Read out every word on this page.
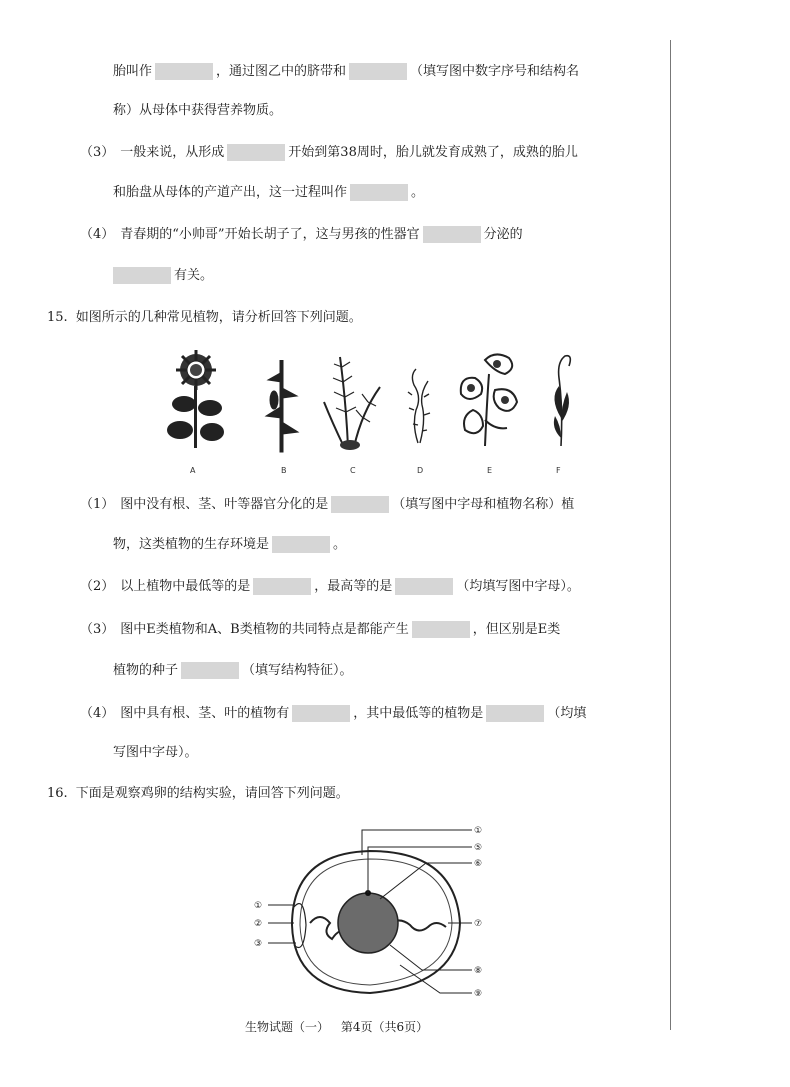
胎叫作	，通过图乙中的脐带和	（填写图中数字序号和结构名
称）从母体中获得营养物质。
（3） 一般来说，从形成	开始到第38周时，胎儿就发育成熟了，成熟的胎儿
和胎盘从母体的产道产出，这一过程叫作	。
（4） 青春期的“小帅哥”开始长胡子了，这与男孩的性器官	分泌的
有关。
15. 如图所示的几种常见植物，请分析回答下列问题。
A	B	C	D	E	F
（1） 图中没有根、茎、叶等器官分化的是	（填写图中字母和植物名称）植
物，这类植物的生存环境是	。
（2） 以上植物中最低等的是	，最高等的是	（均填写图中字母）。
（3） 图中E类植物和A、B类植物的共同特点是都能产生	，但区别是E类
植物的种子	（填写结构特征）。
（4） 图中具有根、茎、叶的植物有	，其中最低等的植物是	（均填
写图中字母）。
16. 下面是观察鸡卵的结构实验，请回答下列问题。
①
⑤
⑥
⑦
⑧
⑨
①
②
③
生物试题（一） 第4页（共6页）
